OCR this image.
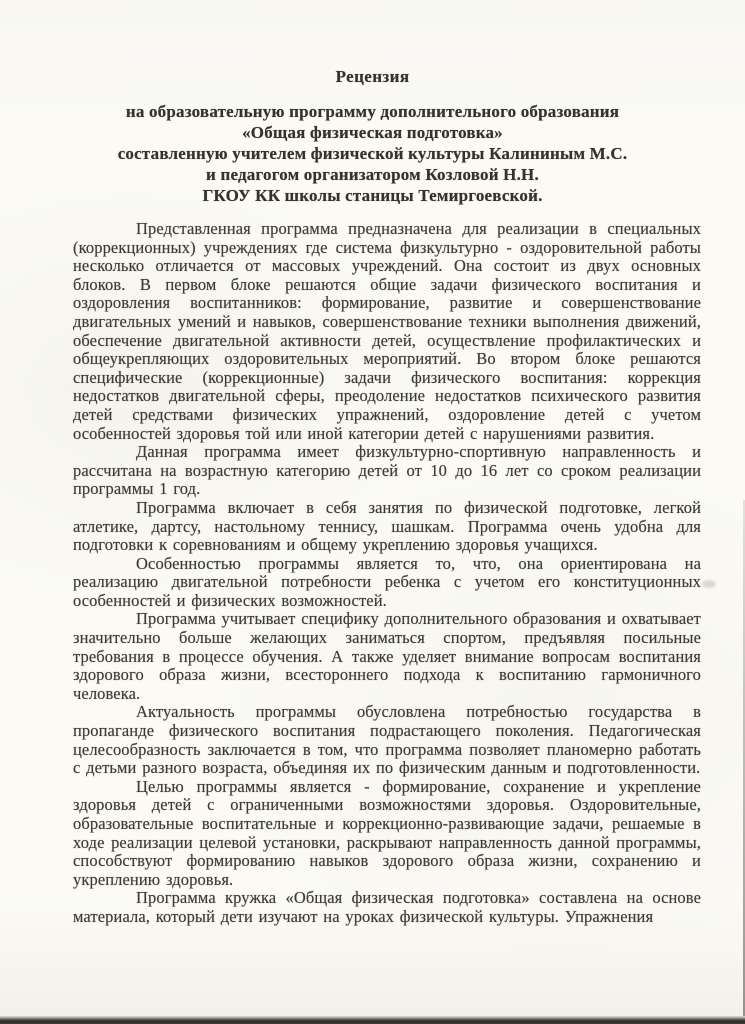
Рецензия
на образовательную программу дополнительного образования
«Общая физическая подготовка»
составленную учителем физической культуры Калининым М.С.
и педагогом организатором Козловой Н.Н.
ГКОУ КК школы станицы Темиргоевской.

Представленная программа предназначена для реализации в специальных (коррекционных) учреждениях где система физкультурно - оздоровительной работы несколько отличается от массовых учреждений. Она состоит из двух основных блоков. В первом блоке решаются общие задачи физического воспитания и оздоровления воспитанников: формирование, развитие и совершенствование двигательных умений и навыков, совершенствование техники выполнения движений, обеспечение двигательной активности детей, осуществление профилактических и общеукрепляющих оздоровительных мероприятий. Во втором блоке решаются специфические (коррекционные) задачи физического воспитания: коррекция недостатков двигательной сферы, преодоление недостатков психического развития детей средствами физических упражнений, оздоровление детей с учетом особенностей здоровья той или иной категории детей с нарушениями развития.

Данная программа имеет физкультурно-спортивную направленность и рассчитана на возрастную категорию детей от 10 до 16 лет со сроком реализации программы 1 год.

Программа включает в себя занятия по физической подготовке, легкой атлетике, дартсу, настольному теннису, шашкам. Программа очень удобна для подготовки к соревнованиям и общему укреплению здоровья учащихся.

Особенностью программы является то, что, она ориентирована на реализацию двигательной потребности ребенка с учетом его конституционных особенностей и физических возможностей.

Программа учитывает специфику дополнительного образования и охватывает значительно больше желающих заниматься спортом, предъявляя посильные требования в процессе обучения. А также уделяет внимание вопросам воспитания здорового образа жизни, всестороннего подхода к воспитанию гармоничного человека.

Актуальность программы обусловлена потребностью государства в пропаганде физического воспитания подрастающего поколения. Педагогическая целесообразность заключается в том, что программа позволяет планомерно работать с детьми разного возраста, объединяя их по физическим данным и подготовленности.

Целью программы является - формирование, сохранение и укрепление здоровья детей с ограниченными возможностями здоровья. Оздоровительные, образовательные воспитательные и коррекционно-развивающие задачи, решаемые в ходе реализации целевой установки, раскрывают направленность данной программы, способствуют формированию навыков здорового образа жизни, сохранению и укреплению здоровья.

Программа кружка «Общая физическая подготовка» составлена на основе материала, который дети изучают на уроках физической культуры. Упражнения
